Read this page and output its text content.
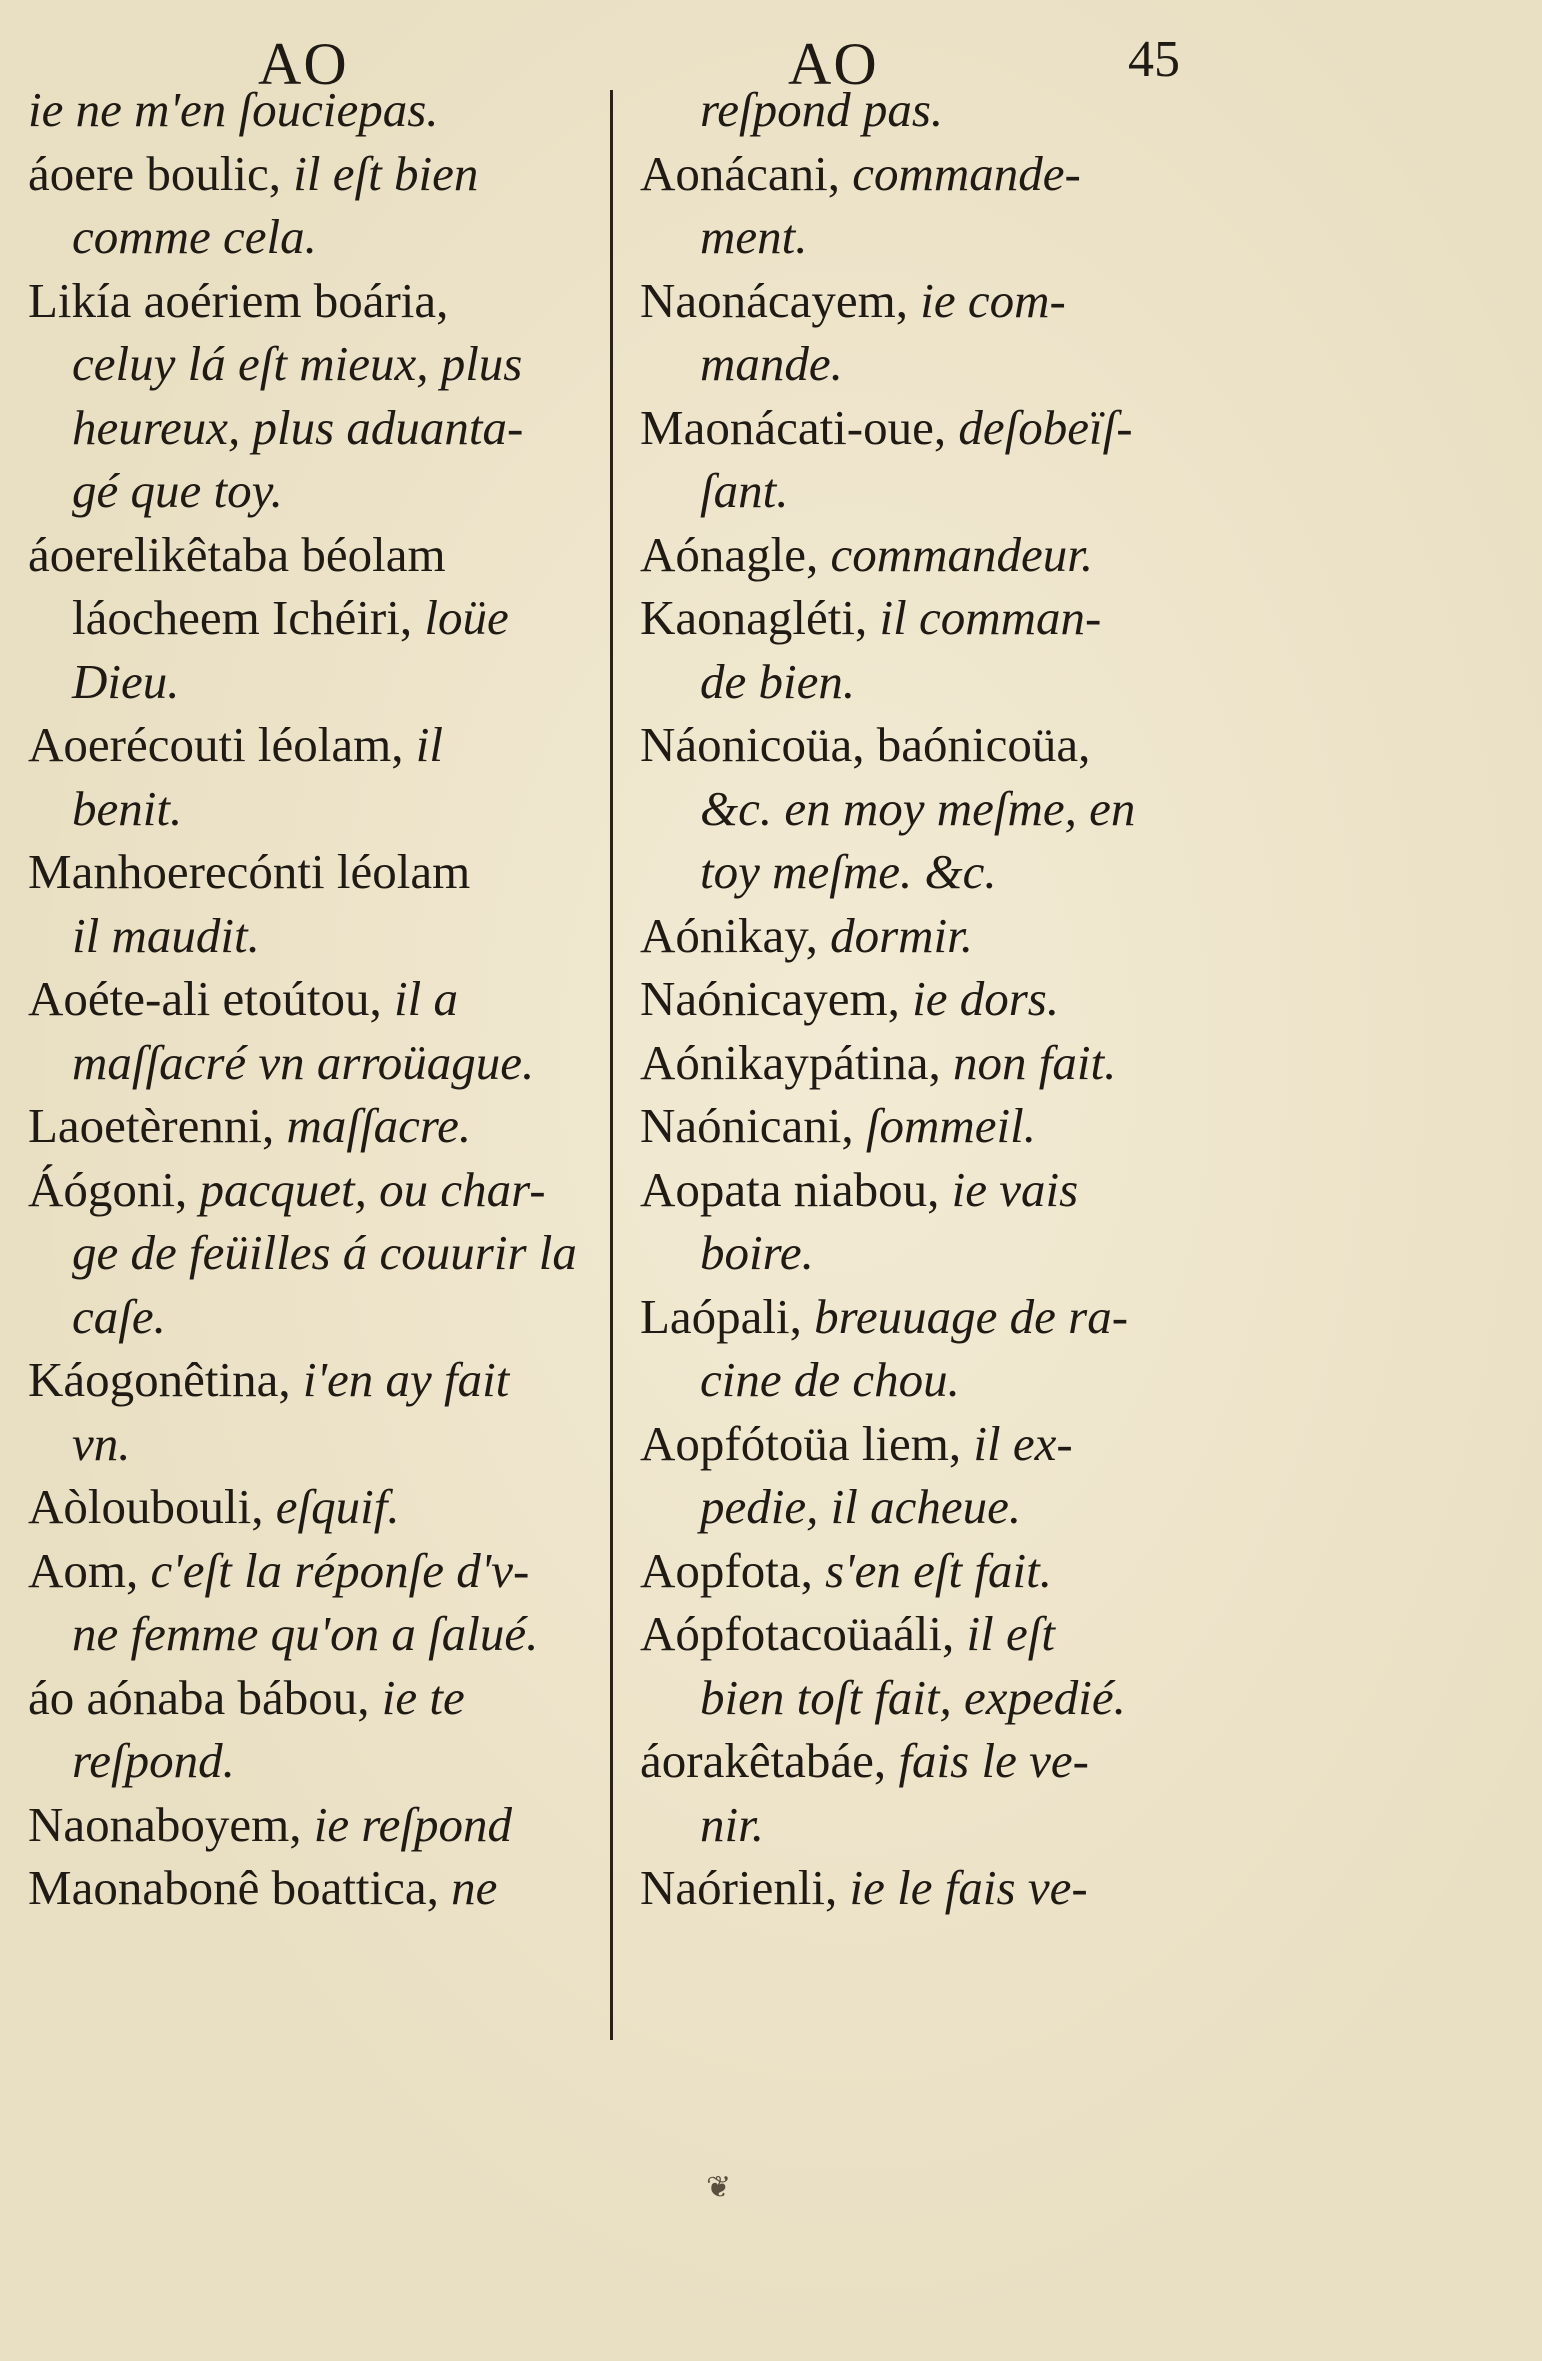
AO	AO	45
ie ne m'en ſouciepas.
áoere boulic, il eſt bien
comme cela.
Likía aoériem boária,
celuy lá eſt mieux, plus
heureux, plus aduanta-
gé que toy.
áoerelikêtaba béolam
láocheem Ichéiri, loüe
Dieu.
Aoerécouti léolam, il
benit.
Manhoerecónti léolam
il maudit.
Aoéte-ali etoútou, il a
maſſacré vn arroüague.
Laoetèrenni, maſſacre.
Áógoni, pacquet, ou char-
ge de feüilles á couurir la
caſe.
Káogonêtina, i'en ay fait
vn.
Aòloubouli, eſquif.
Aom, c'eſt la réponſe d'v-
ne femme qu'on a ſalué.
áo aónaba bábou, ie te
reſpond.
Naonaboyem, ie reſpond
Maonabonê boattica, ne
reſpond pas.
Aonácani, commande-
ment.
Naonácayem, ie com-
mande.
Maonácati-oue, deſobeïſ-
ſant.
Aónagle, commandeur.
Kaonagléti, il comman-
de bien.
Náonicoüa, baónicoüa,
&c. en moy meſme, en
toy meſme. &c.
Aónikay, dormir.
Naónicayem, ie dors.
Aónikaypátina, non fait.
Naónicani, ſommeil.
Aopata niabou, ie vais
boire.
Laópali, breuuage de ra-
cine de chou.
Aopfótoüa liem, il ex-
pedie, il acheue.
Aopfota, s'en eſt fait.
Aópfotacoüaáli, il eſt
bien toſt fait, expedié.
áorakêtabáe, fais le ve-
nir.
Naórienli, ie le fais ve-
❦
